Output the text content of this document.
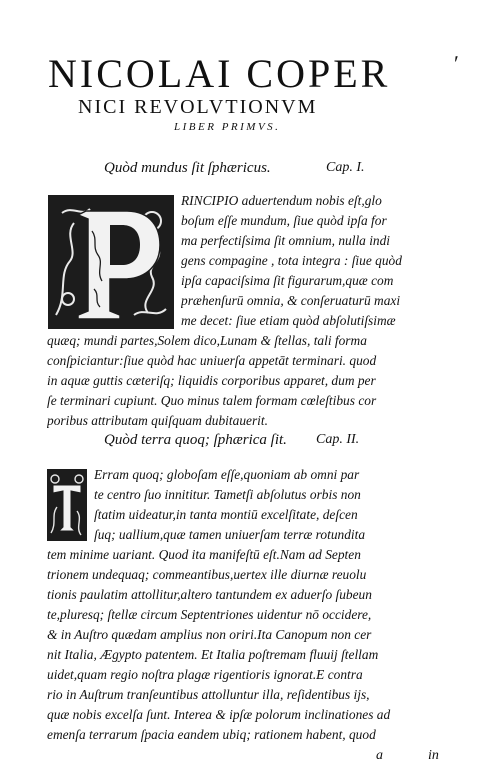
NICOLAI COPER	ʹ
NICI REVOLVTIONVM
LIBER PRIMVS.
Quòd mundus ſit ſphæricus.	Cap. I.
RINCIPIO aduertendum nobis eſt,glo
boſum eſſe mundum, ſiue quòd ipſa for
ma perfectiſsima ſit omnium, nulla indi
gens compagine , tota integra : ſiue quòd
ipſa capaciſsima ſit figurarum,quæ com
præhenſurū omnia, & conſeruaturū maxi
me decet: ſiue etiam quòd abſolutiſsimæ
quæq; mundi partes,Solem dico,Lunam & ſtellas, tali forma
conſpiciantur:ſiue quòd hac uniuerſa appetāt terminari. quod
in aquæ guttis cæteriſq; liquidis corporibus apparet, dum per
ſe terminari cupiunt. Quo minus talem formam cœleſtibus cor
poribus attributam quiſquam dubitauerit.
Quòd terra quoq; ſphærica ſit. Cap. II.
Erram quoq; globoſam eſſe,quoniam ab omni par
te centro ſuo innititur. Tametſi abſolutus orbis non
ſtatim uideatur,in tanta montiū excelſitate, deſcen
ſuq; uallium,quæ tamen uniuerſam terræ rotundita
tem minime uariant. Quod ita manifeſtū eſt.Nam ad Septen
trionem undequaq; commeantibus,uertex ille diurnæ reuolu
tionis paulatim attollitur,altero tantundem ex aduerſo ſubeun
te,pluresq; ſtellæ circum Septentriones uidentur nō occidere,
& in Auſtro quædam amplius non oriri.Ita Canopum non cer
nit Italia, Ægypto patentem. Et Italia poſtremam fluuij ſtellam
uidet,quam regio noſtra plagæ rigentioris ignorat.E contra
rio in Auſtrum tranſeuntibus attolluntur illa, reſidentibus ijs,
quæ nobis excelſa ſunt. Interea & ipſæ polorum inclinationes ad
emenſa terrarum ſpacia eandem ubiq; rationem habent, quod
a	in
